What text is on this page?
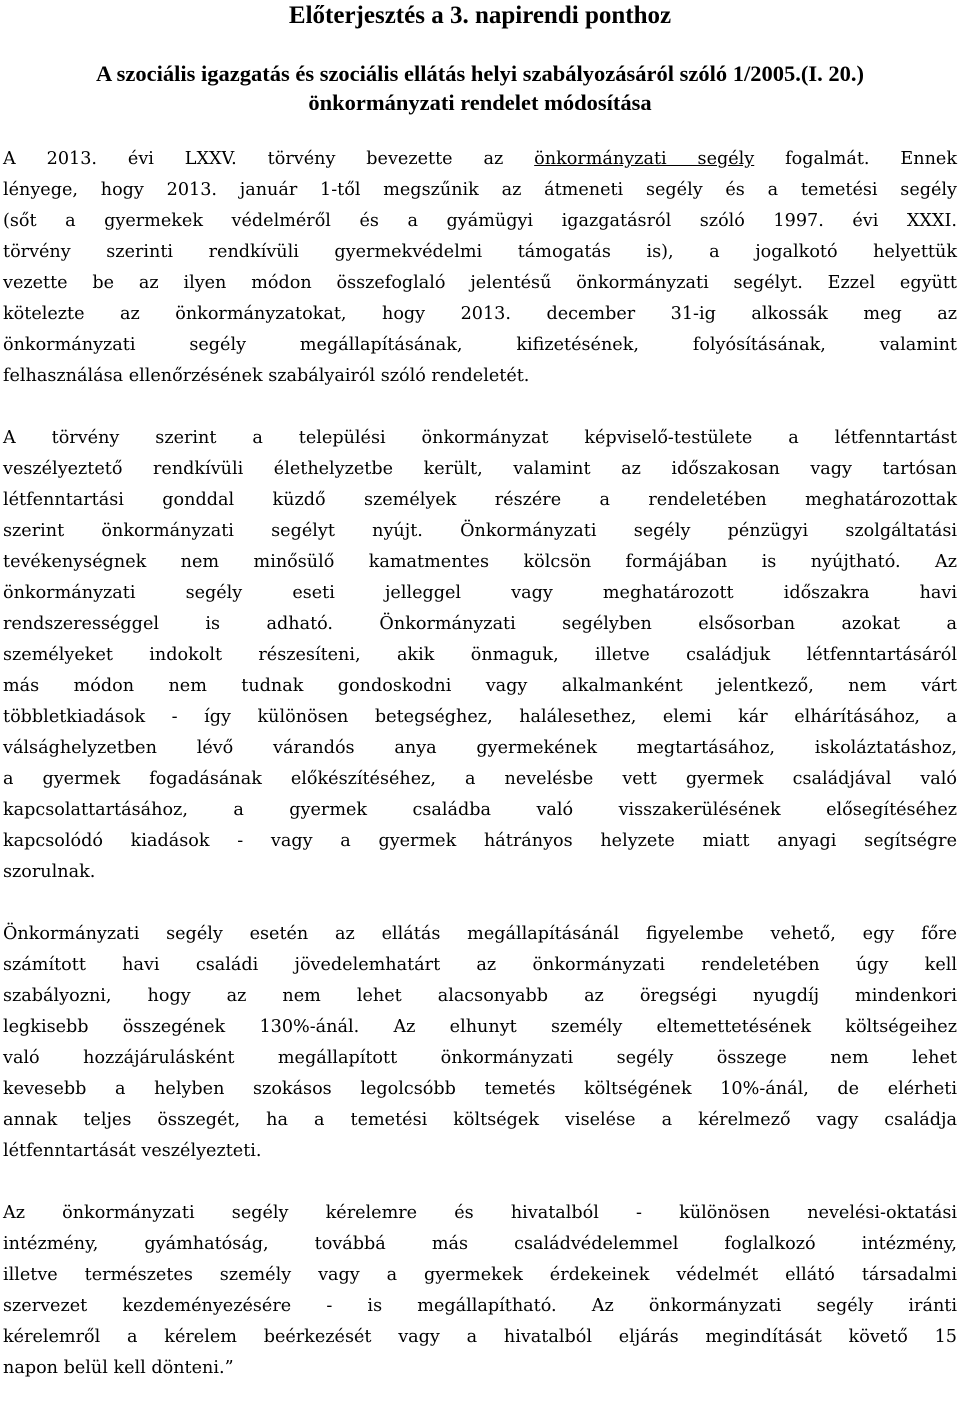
Előterjesztés a 3. napirendi ponthoz
A szociális igazgatás és szociális ellátás helyi szabályozásáról szóló 1/2005.(I. 20.)
önkormányzati rendelet módosítása
A 2013. évi LXXV. törvény bevezette az önkormányzati segély fogalmát. Ennek
lényege, hogy 2013. január 1-től megszűnik az átmeneti segély és a temetési segély
(sőt a gyermekek védelméről és a gyámügyi igazgatásról szóló 1997. évi XXXI.
törvény szerinti rendkívüli gyermekvédelmi támogatás is), a jogalkotó helyettük
vezette be az ilyen módon összefoglaló jelentésű önkormányzati segélyt. Ezzel együtt
kötelezte az önkormányzatokat, hogy 2013. december 31-ig alkossák meg az
önkormányzati segély megállapításának, kifizetésének, folyósításának, valamint
felhasználása ellenőrzésének szabályairól szóló rendeletét.
A törvény szerint a települési önkormányzat képviselő-testülete a létfenntartást
veszélyeztető rendkívüli élethelyzetbe került, valamint az időszakosan vagy tartósan
létfenntartási gonddal küzdő személyek részére a rendeletében meghatározottak
szerint önkormányzati segélyt nyújt. Önkormányzati segély pénzügyi szolgáltatási
tevékenységnek nem minősülő kamatmentes kölcsön formájában is nyújtható. Az
önkormányzati segély eseti jelleggel vagy meghatározott időszakra havi
rendszerességgel is adható. Önkormányzati segélyben elsősorban azokat a
személyeket indokolt részesíteni, akik önmaguk, illetve családjuk létfenntartásáról
más módon nem tudnak gondoskodni vagy alkalmanként jelentkező, nem várt
többletkiadások - így különösen betegséghez, halálesethez, elemi kár elhárításához, a
válsághelyzetben lévő várandós anya gyermekének megtartásához, iskoláztatáshoz,
a gyermek fogadásának előkészítéséhez, a nevelésbe vett gyermek családjával való
kapcsolattartásához, a gyermek családba való visszakerülésének elősegítéséhez
kapcsolódó kiadások - vagy a gyermek hátrányos helyzete miatt anyagi segítségre
szorulnak.
Önkormányzati segély esetén az ellátás megállapításánál figyelembe vehető, egy főre
számított havi családi jövedelemhatárt az önkormányzati rendeletében úgy kell
szabályozni, hogy az nem lehet alacsonyabb az öregségi nyugdíj mindenkori
legkisebb összegének 130%-ánál. Az elhunyt személy eltemettetésének költségeihez
való hozzájárulásként megállapított önkormányzati segély összege nem lehet
kevesebb a helyben szokásos legolcsóbb temetés költségének 10%-ánál, de elérheti
annak teljes összegét, ha a temetési költségek viselése a kérelmező vagy családja
létfenntartását veszélyezteti.
Az önkormányzati segély kérelemre és hivatalból - különösen nevelési-oktatási
intézmény, gyámhatóság, továbbá más családvédelemmel foglalkozó intézmény,
illetve természetes személy vagy a gyermekek érdekeinek védelmét ellátó társadalmi
szervezet kezdeményezésére - is megállapítható. Az önkormányzati segély iránti
kérelemről a kérelem beérkezését vagy a hivatalból eljárás megindítását követő 15
napon belül kell dönteni.”
